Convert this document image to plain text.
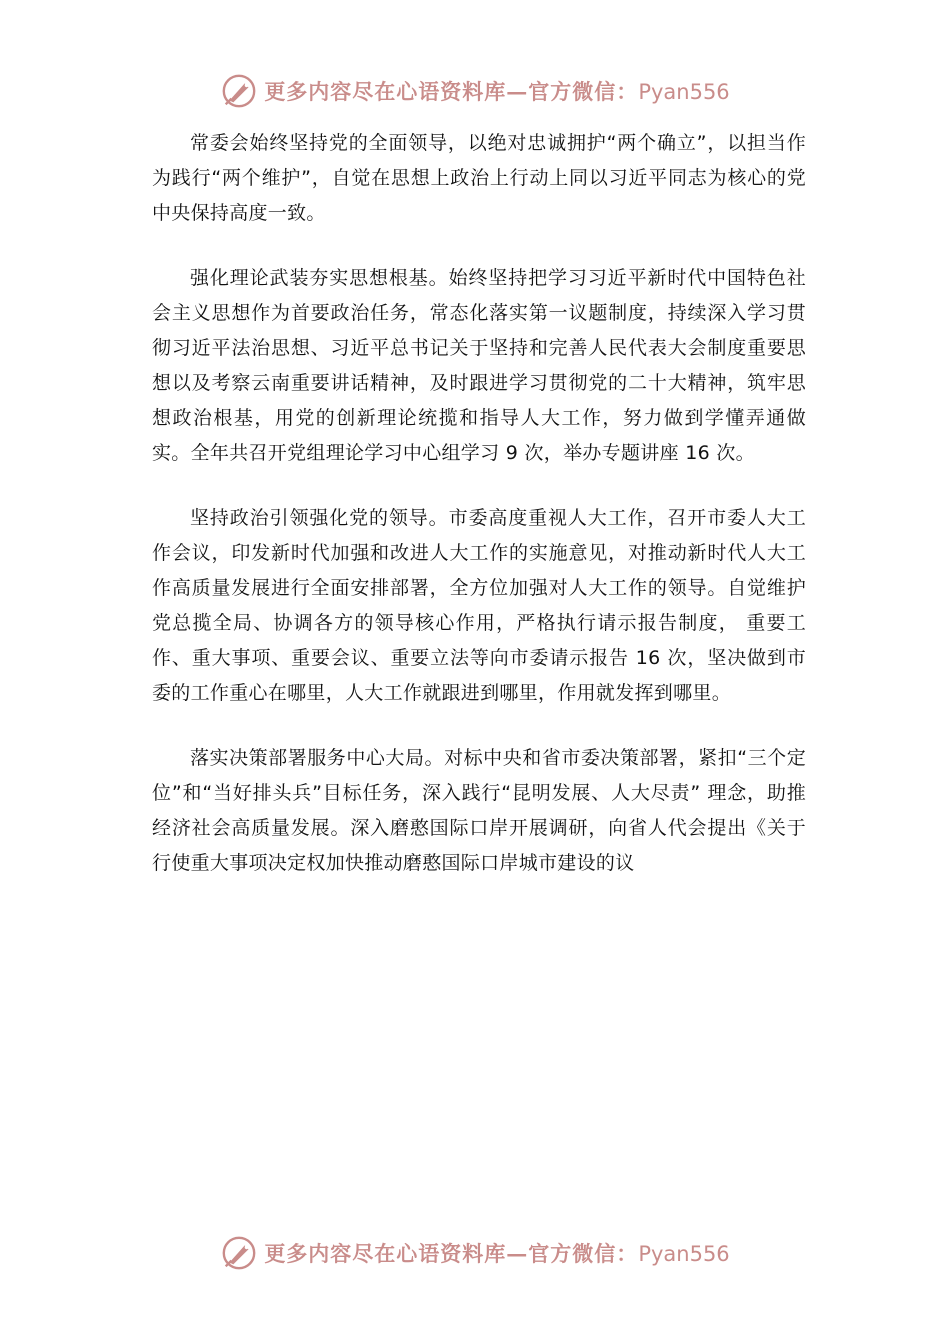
更多内容尽在心语资料库—官方微信：Pyan556

常委会始终坚持党的全面领导，以绝对忠诚拥护“两个确立”，以担当作为践行“两个维护”，自觉在思想上政治上行动上同以习近平同志为核心的党中央保持高度一致。

强化理论武装夯实思想根基。始终坚持把学习习近平新时代中国特色社会主义思想作为首要政治任务，常态化落实第一议题制度，持续深入学习贯彻习近平法治思想、习近平总书记关于坚持和完善人民代表大会制度重要思想以及考察云南重要讲话精神，及时跟进学习贯彻党的二十大精神，筑牢思想政治根基，用党的创新理论统揽和指导人大工作，努力做到学懂弄通做实。全年共召开党组理论学习中心组学习 9 次，举办专题讲座 16 次。

坚持政治引领强化党的领导。市委高度重视人大工作，召开市委人大工作会议，印发新时代加强和改进人大工作的实施意见，对推动新时代人大工作高质量发展进行全面安排部署，全方位加强对人大工作的领导。自觉维护党总揽全局、协调各方的领导核心作用，严格执行请示报告制度， 重要工作、重大事项、重要会议、重要立法等向市委请示报告 16 次，坚决做到市委的工作重心在哪里，人大工作就跟进到哪里，作用就发挥到哪里。

落实决策部署服务中心大局。对标中央和省市委决策部署，紧扣“三个定位”和“当好排头兵”目标任务，深入践行“昆明发展、人大尽责” 理念，助推经济社会高质量发展。深入磨憨国际口岸开展调研，向省人代会提出《关于行使重大事项决定权加快推动磨憨国际口岸城市建设的议

更多内容尽在心语资料库—官方微信：Pyan556
